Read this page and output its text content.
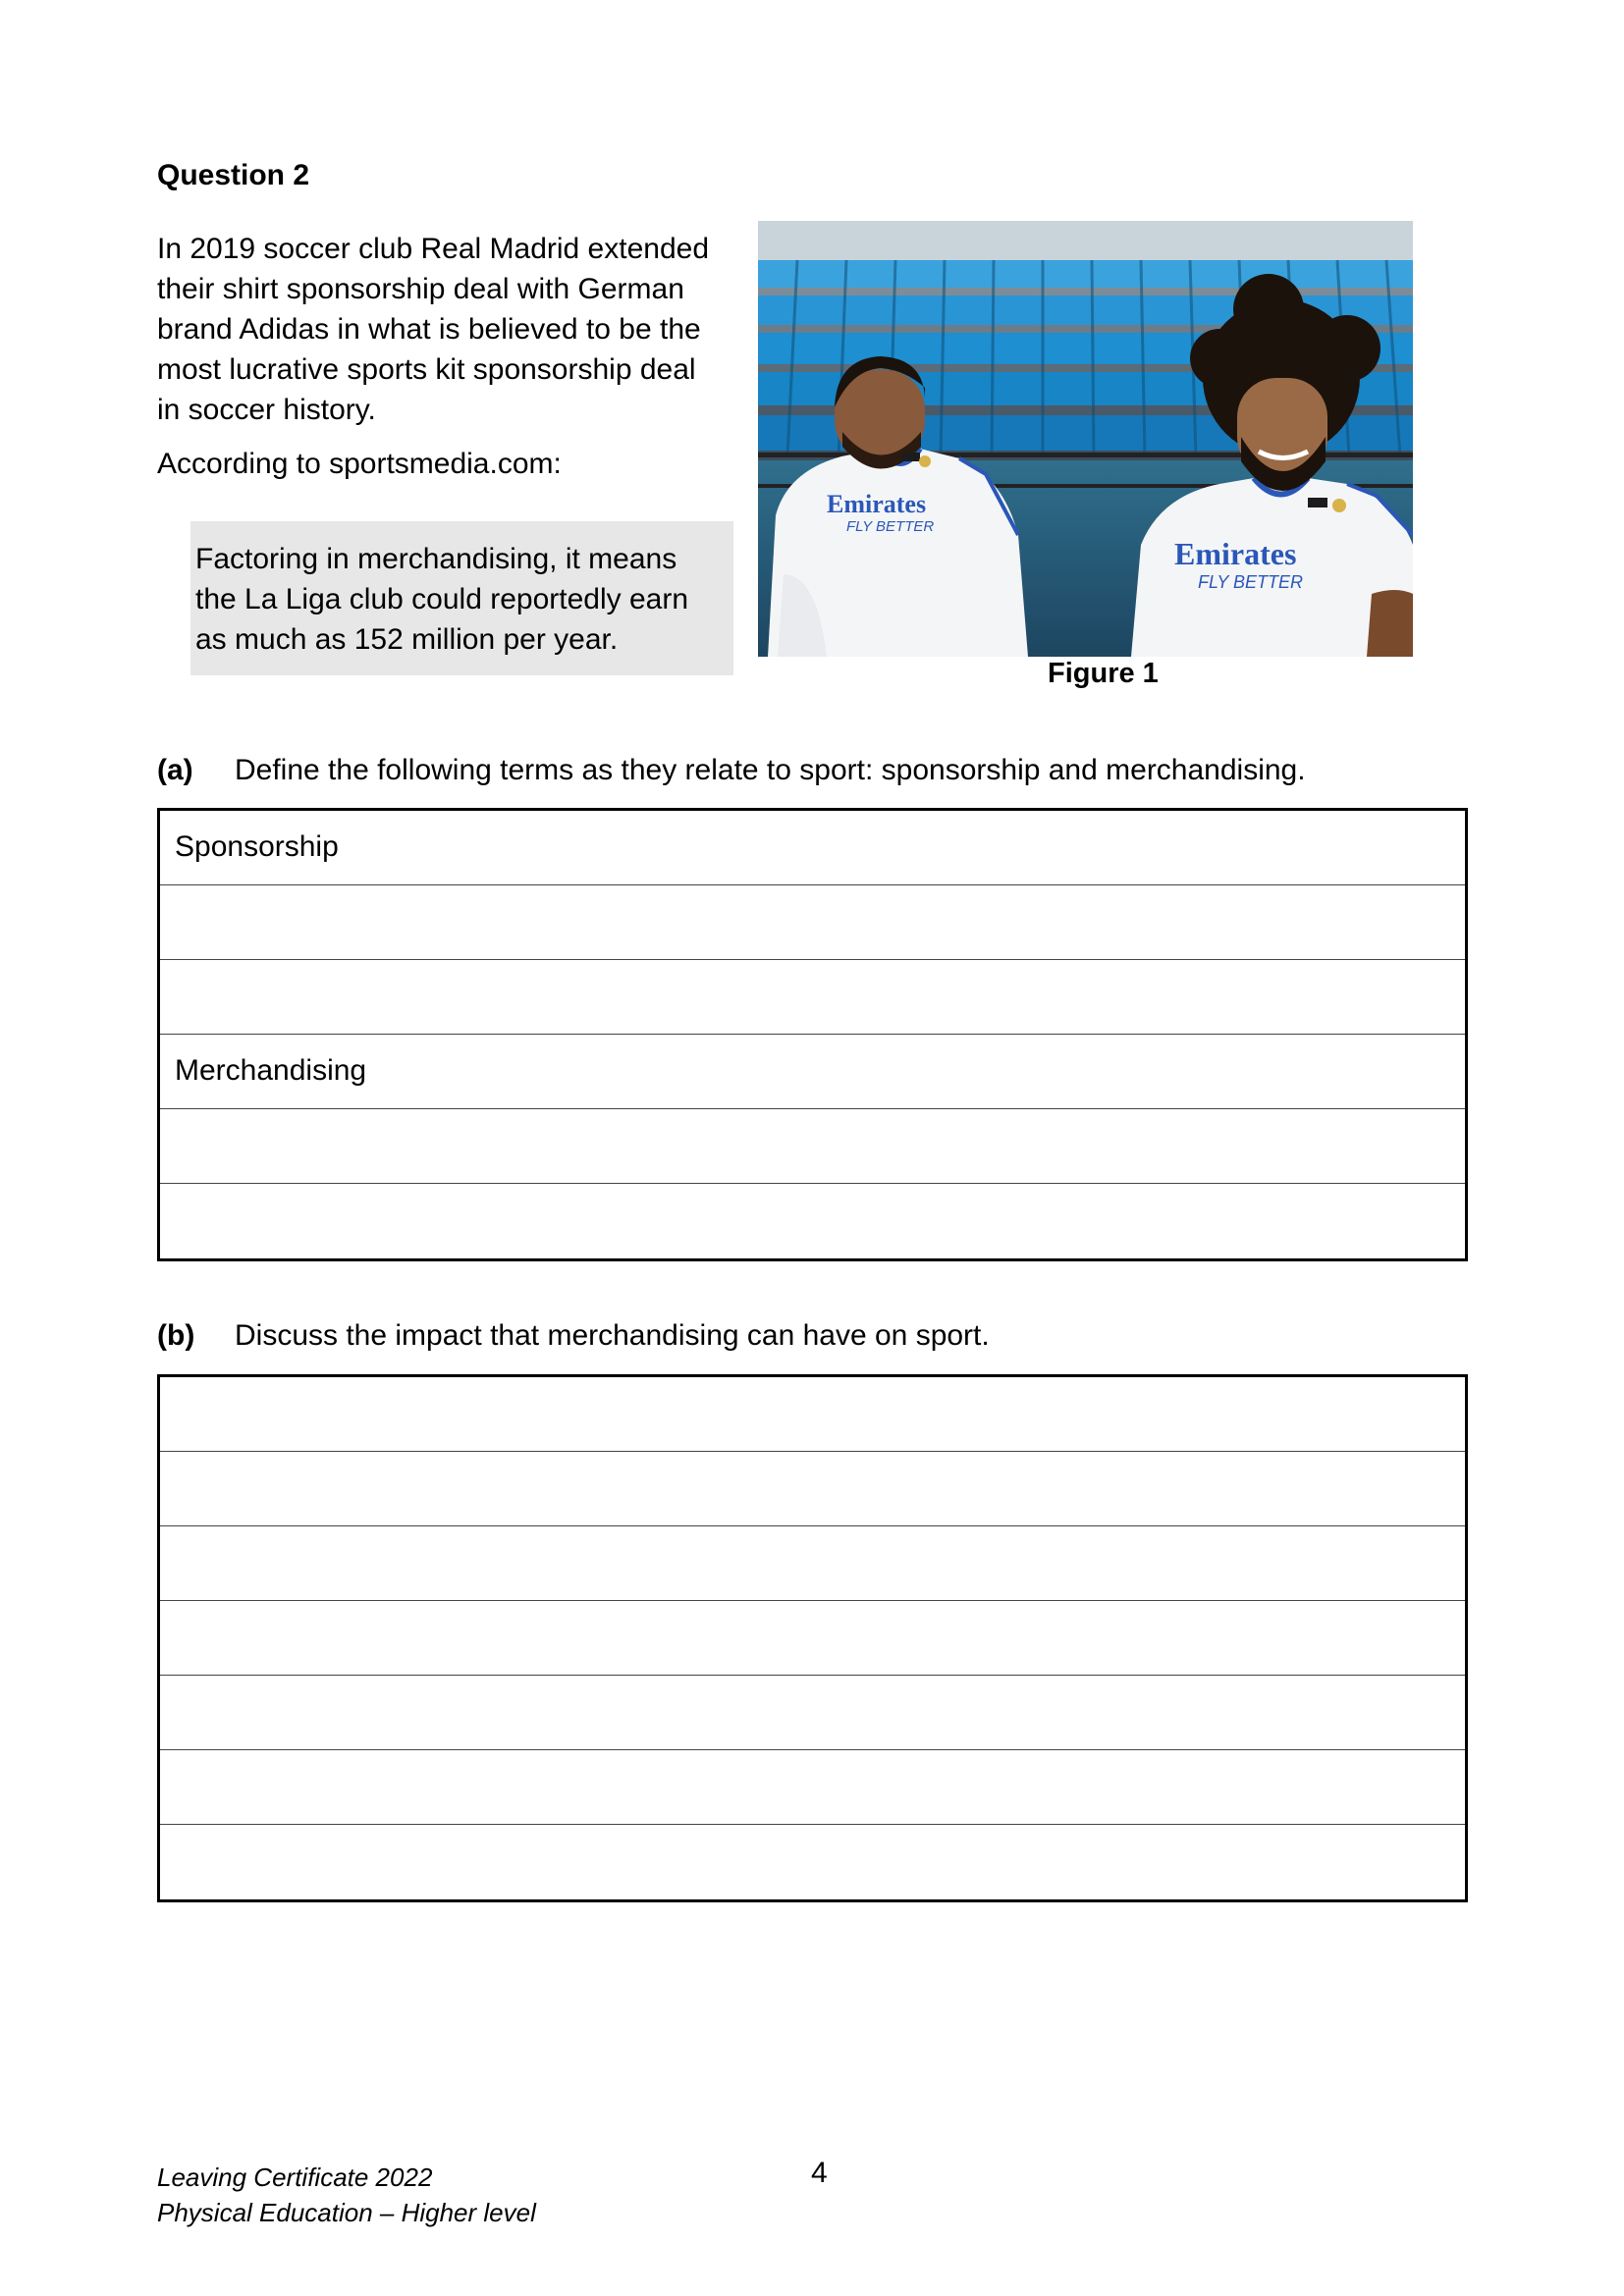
Question 2
In 2019 soccer club Real Madrid extended
their shirt sponsorship deal with German
brand Adidas in what is believed to be the
most lucrative sports kit sponsorship deal
in soccer history.
According to sportsmedia.com:
Factoring in merchandising, it means
the La Liga club could reportedly earn
as much as 152 million per year.
Emirates
FLY BETTER
Emirates
FLY BETTER
Figure 1
(a) Define the following terms as they relate to sport: sponsorship and merchandising.
Sponsorship
Merchandising
(b) Discuss the impact that merchandising can have on sport.
Leaving Certificate 2022
Physical Education – Higher level
4
